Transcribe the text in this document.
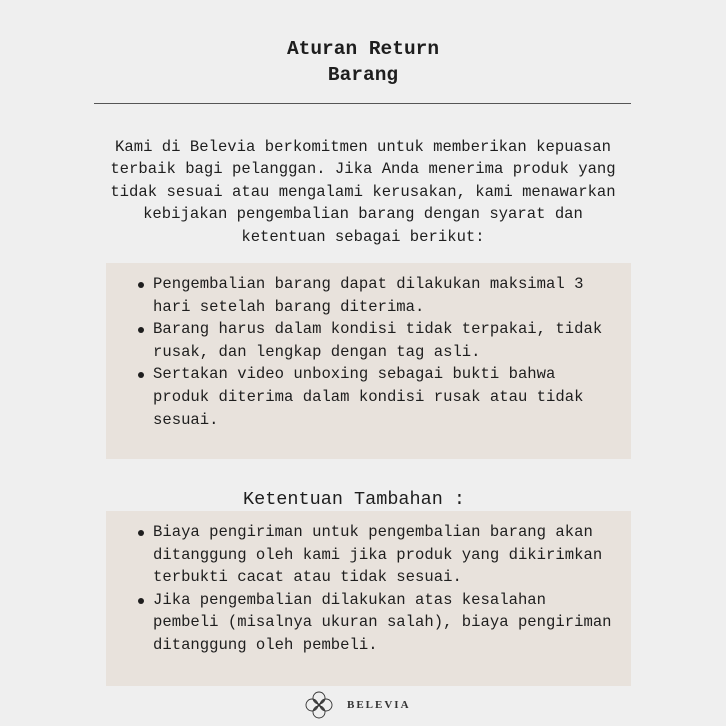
Aturan Return
Barang

Kami di Belevia berkomitmen untuk memberikan kepuasan terbaik bagi pelanggan. Jika Anda menerima produk yang tidak sesuai atau mengalami kerusakan, kami menawarkan kebijakan pengembalian barang dengan syarat dan ketentuan sebagai berikut:

Pengembalian barang dapat dilakukan maksimal 3 hari setelah barang diterima.
Barang harus dalam kondisi tidak terpakai, tidak rusak, dan lengkap dengan tag asli.
Sertakan video unboxing sebagai bukti bahwa produk diterima dalam kondisi rusak atau tidak sesuai.
Ketentuan Tambahan :
Biaya pengiriman untuk pengembalian barang akan ditanggung oleh kami jika produk yang dikirimkan terbukti cacat atau tidak sesuai.
Jika pengembalian dilakukan atas kesalahan pembeli (misalnya ukuran salah), biaya pengiriman ditanggung oleh pembeli.
BELEVIA
